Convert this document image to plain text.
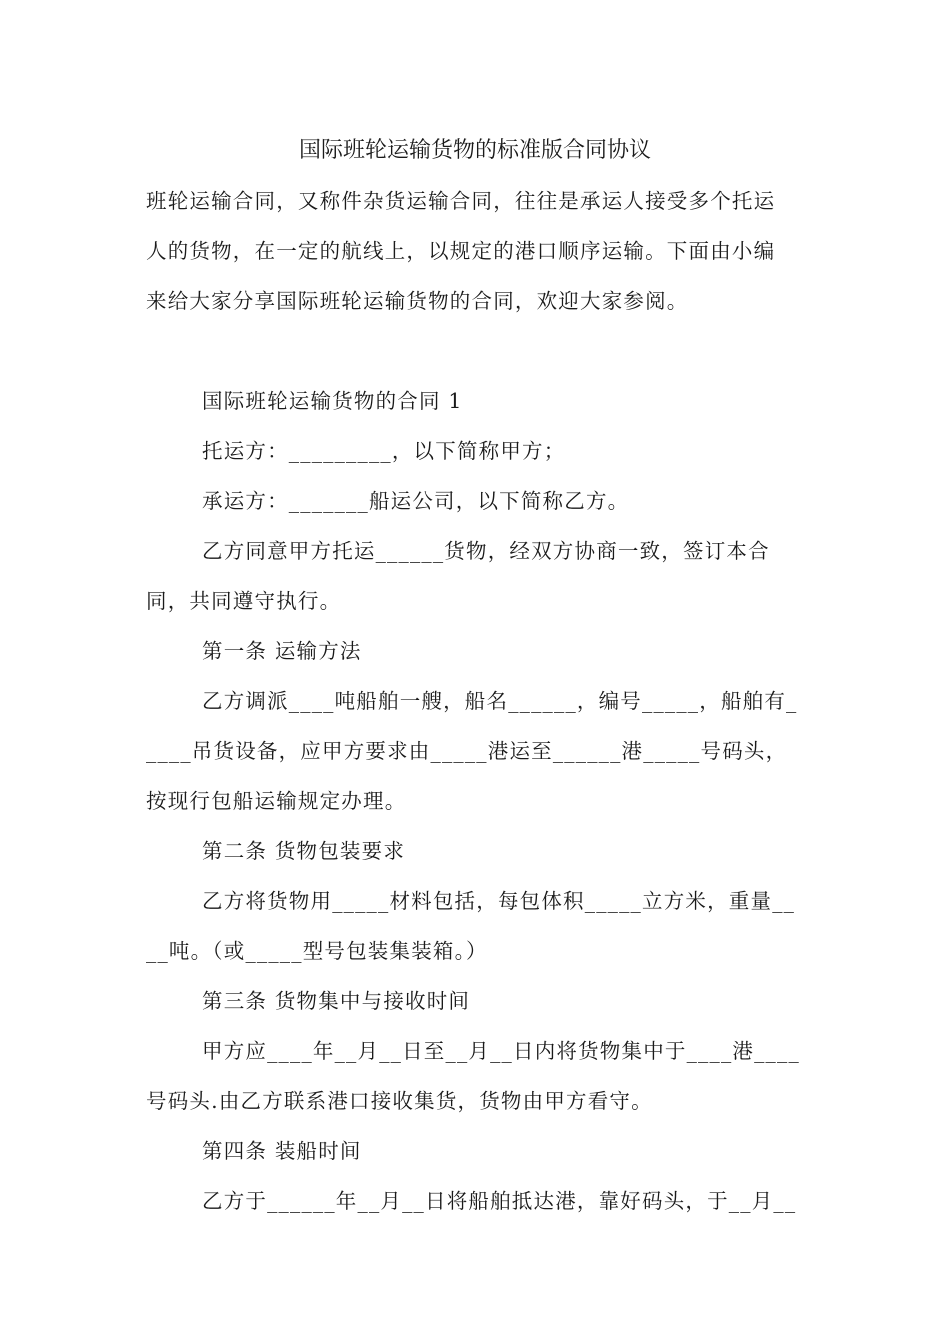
国际班轮运输货物的标准版合同协议
班轮运输合同，又称件杂货运输合同，往往是承运人接受多个托运
人的货物，在一定的航线上，以规定的港口顺序运输。下面由小编
来给大家分享国际班轮运输货物的合同，欢迎大家参阅。
国际班轮运输货物的合同 1
托运方：_________，以下简称甲方；
承运方：_______船运公司，以下简称乙方。
乙方同意甲方托运______货物，经双方协商一致，签订本合
同，共同遵守执行。
第一条 运输方法
乙方调派____吨船舶一艘，船名______，编号_____，船舶有_
____吊货设备，应甲方要求由_____港运至______港_____号码头，
按现行包船运输规定办理。
第二条 货物包装要求
乙方将货物用_____材料包括，每包体积_____立方米，重量__
__吨。（或_____型号包装集装箱。）
第三条 货物集中与接收时间
甲方应____年__月__日至__月__日内将货物集中于____港____
号码头.由乙方联系港口接收集货，货物由甲方看守。
第四条 装船时间
乙方于______年__月__日将船舶抵达港，靠好码头，于__月__
